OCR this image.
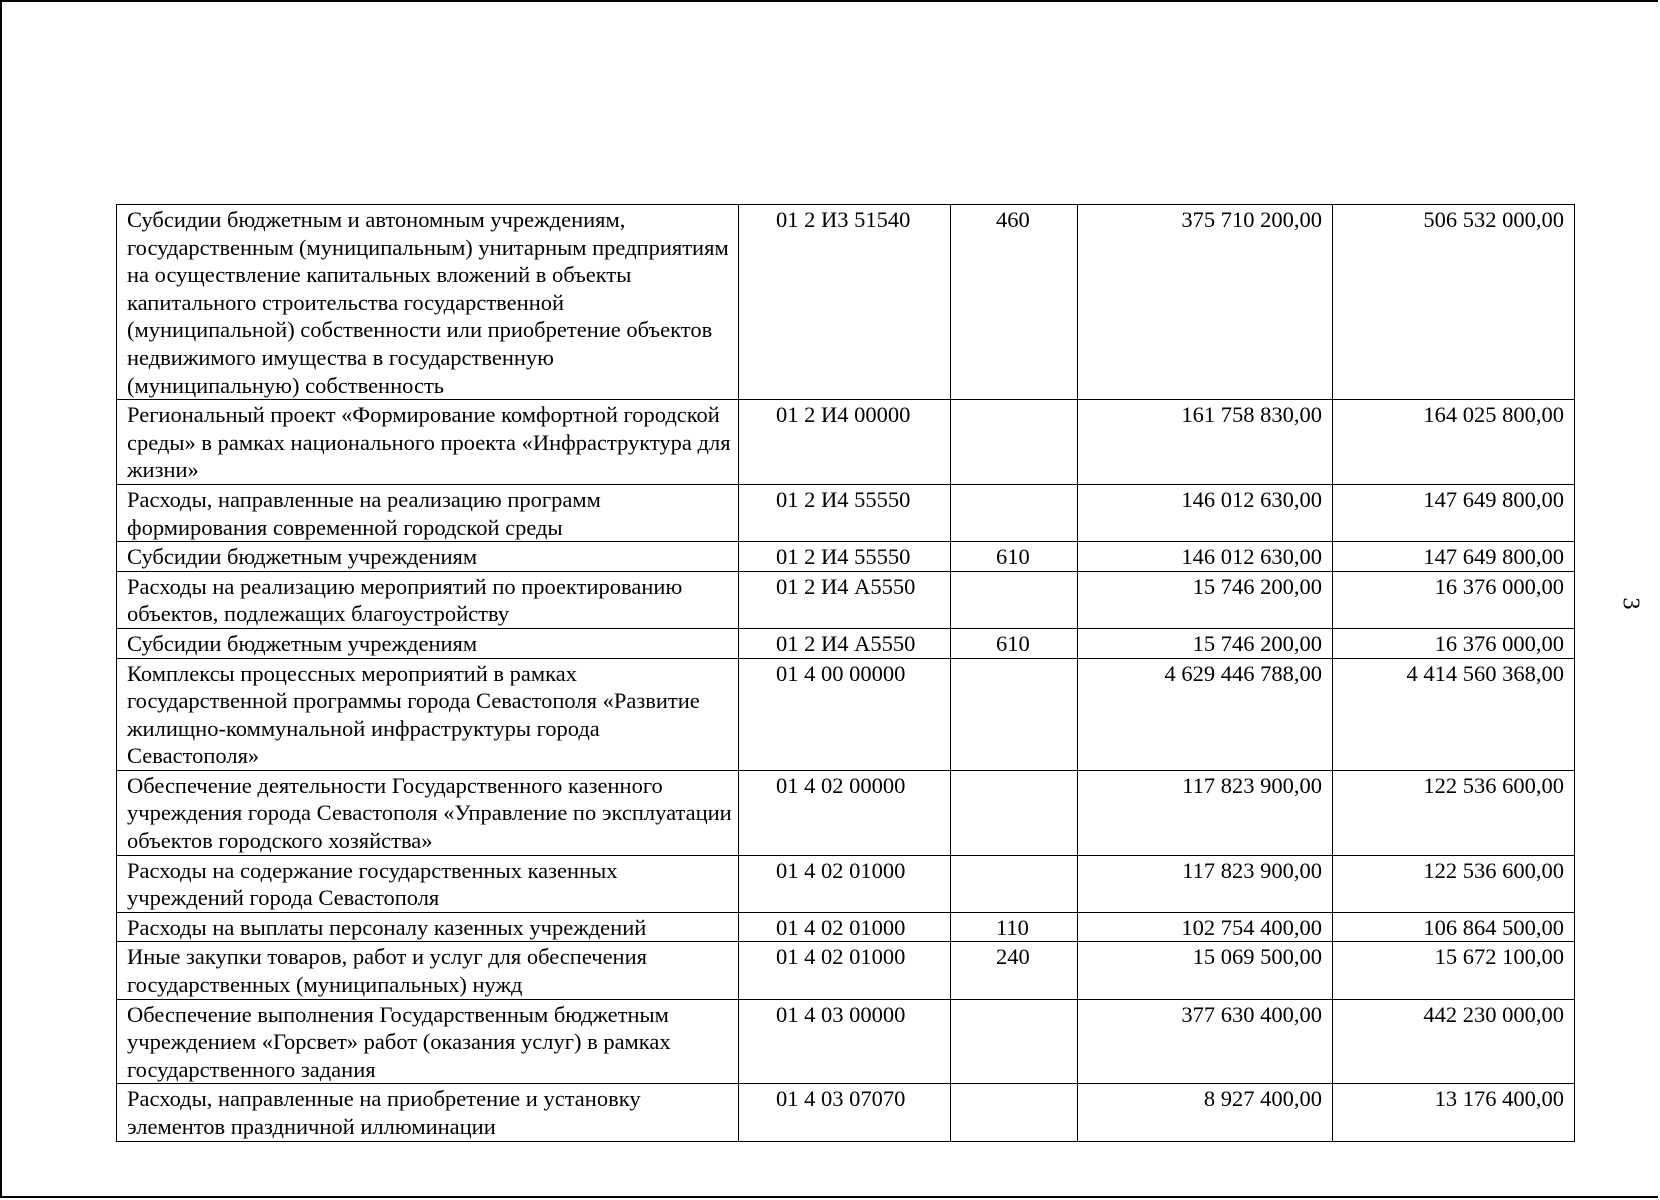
Субсидии бюджетным и автономным учреждениям, государственным (муниципальным) унитарным предприятиям на осуществление капитальных вложений в объекты капитального строительства государственной (муниципальной) собственности или приобретение объектов недвижимого имущества в государственную (муниципальную) собственность	01 2 И3 51540	460	375 710 200,00	506 532 000,00
Региональный проект «Формирование комфортной городской среды» в рамках национального проекта «Инфраструктура для жизни»	01 2 И4 00000		161 758 830,00	164 025 800,00
Расходы, направленные на реализацию программ формирования современной городской среды	01 2 И4 55550		146 012 630,00	147 649 800,00
Субсидии бюджетным учреждениям	01 2 И4 55550	610	146 012 630,00	147 649 800,00
Расходы на реализацию мероприятий по проектированию объектов, подлежащих благоустройству	01 2 И4 А5550		15 746 200,00	16 376 000,00
Субсидии бюджетным учреждениям	01 2 И4 А5550	610	15 746 200,00	16 376 000,00
Комплексы процессных мероприятий в рамках государственной программы города Севастополя «Развитие жилищно-коммунальной инфраструктуры города Севастополя»	01 4 00 00000		4 629 446 788,00	4 414 560 368,00
Обеспечение деятельности Государственного казенного учреждения города Севастополя «Управление по эксплуатации объектов городского хозяйства»	01 4 02 00000		117 823 900,00	122 536 600,00
Расходы на содержание государственных казенных учреждений города Севастополя	01 4 02 01000		117 823 900,00	122 536 600,00
Расходы на выплаты персоналу казенных учреждений	01 4 02 01000	110	102 754 400,00	106 864 500,00
Иные закупки товаров, работ и услуг для обеспечения государственных (муниципальных) нужд	01 4 02 01000	240	15 069 500,00	15 672 100,00
Обеспечение выполнения Государственным бюджетным учреждением «Горсвет» работ (оказания услуг) в рамках государственного задания	01 4 03 00000		377 630 400,00	442 230 000,00
Расходы, направленные на приобретение и установку элементов праздничной иллюминации	01 4 03 07070		8 927 400,00	13 176 400,00
3
